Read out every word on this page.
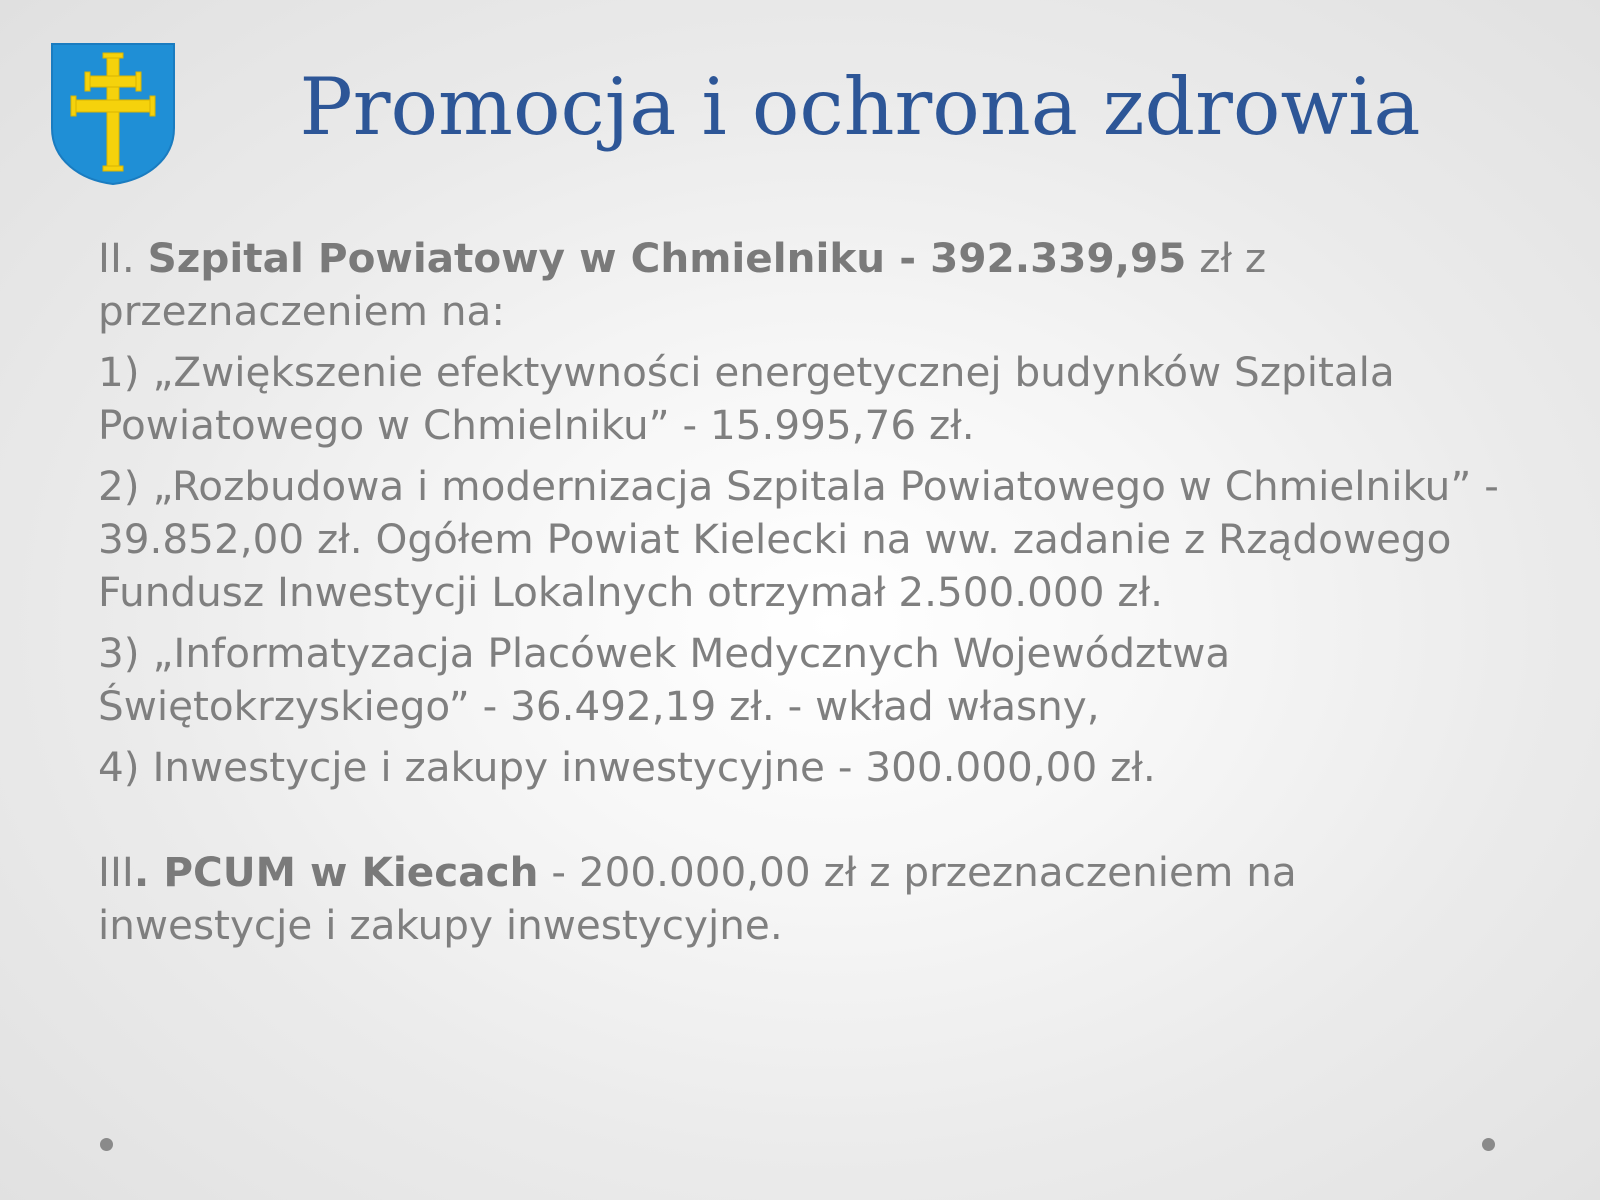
Promocja i ochrona zdrowia

II. Szpital Powiatowy w Chmielniku - 392.339,95 zł z przeznaczeniem na:

1) „Zwiększenie efektywności energetycznej budynków Szpitala Powiatowego w Chmielniku” - 15.995,76 zł.

2) „Rozbudowa i modernizacja Szpitala Powiatowego w Chmielniku” - 39.852,00 zł. Ogółem Powiat Kielecki na ww. zadanie z Rządowego Fundusz Inwestycji Lokalnych otrzymał 2.500.000 zł.

3) „Informatyzacja Placówek Medycznych Województwa Świętokrzyskiego” - 36.492,19 zł. - wkład własny,

4) Inwestycje i zakupy inwestycyjne - 300.000,00 zł.

III. PCUM w Kiecach - 200.000,00 zł z przeznaczeniem na inwestycje i zakupy inwestycyjne.
